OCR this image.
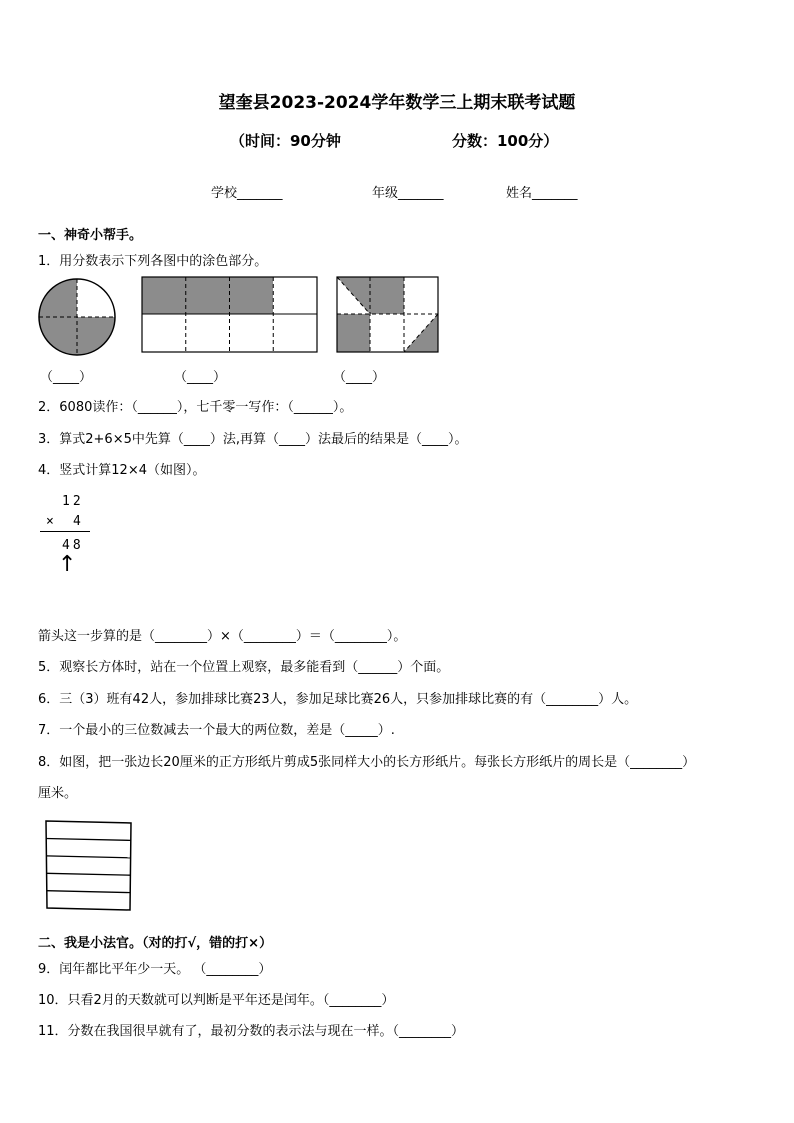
望奎县2023-2024学年数学三上期末联考试题
（时间：90分钟	分数：100分）
学校_______	年级_______	姓名_______
一、神奇小帮手。
1．用分数表示下列各图中的涂色部分。
（____）	（____）	（____）
2．6080读作：（______），七千零一写作：（______）。
3．算式2+6×5中先算（____）法,再算（____）法最后的结果是（____）。
4．竖式计算12×4（如图）。
12
× 4
48
↑
箭头这一步算的是（________）×（________）＝（________）。
5．观察长方体时，站在一个位置上观察，最多能看到（______）个面。
6．三（3）班有42人，参加排球比赛23人，参加足球比赛26人，只参加排球比赛的有（________）人。
7．一个最小的三位数减去一个最大的两位数，差是（_____）.
8．如图，把一张边长20厘米的正方形纸片剪成5张同样大小的长方形纸片。每张长方形纸片的周长是（________）
厘米。
二、我是小法官。（对的打√，错的打×）
9．闰年都比平年少一天。 （________）
10．只看2月的天数就可以判断是平年还是闰年。（________）
11．分数在我国很早就有了，最初分数的表示法与现在一样。（________）
